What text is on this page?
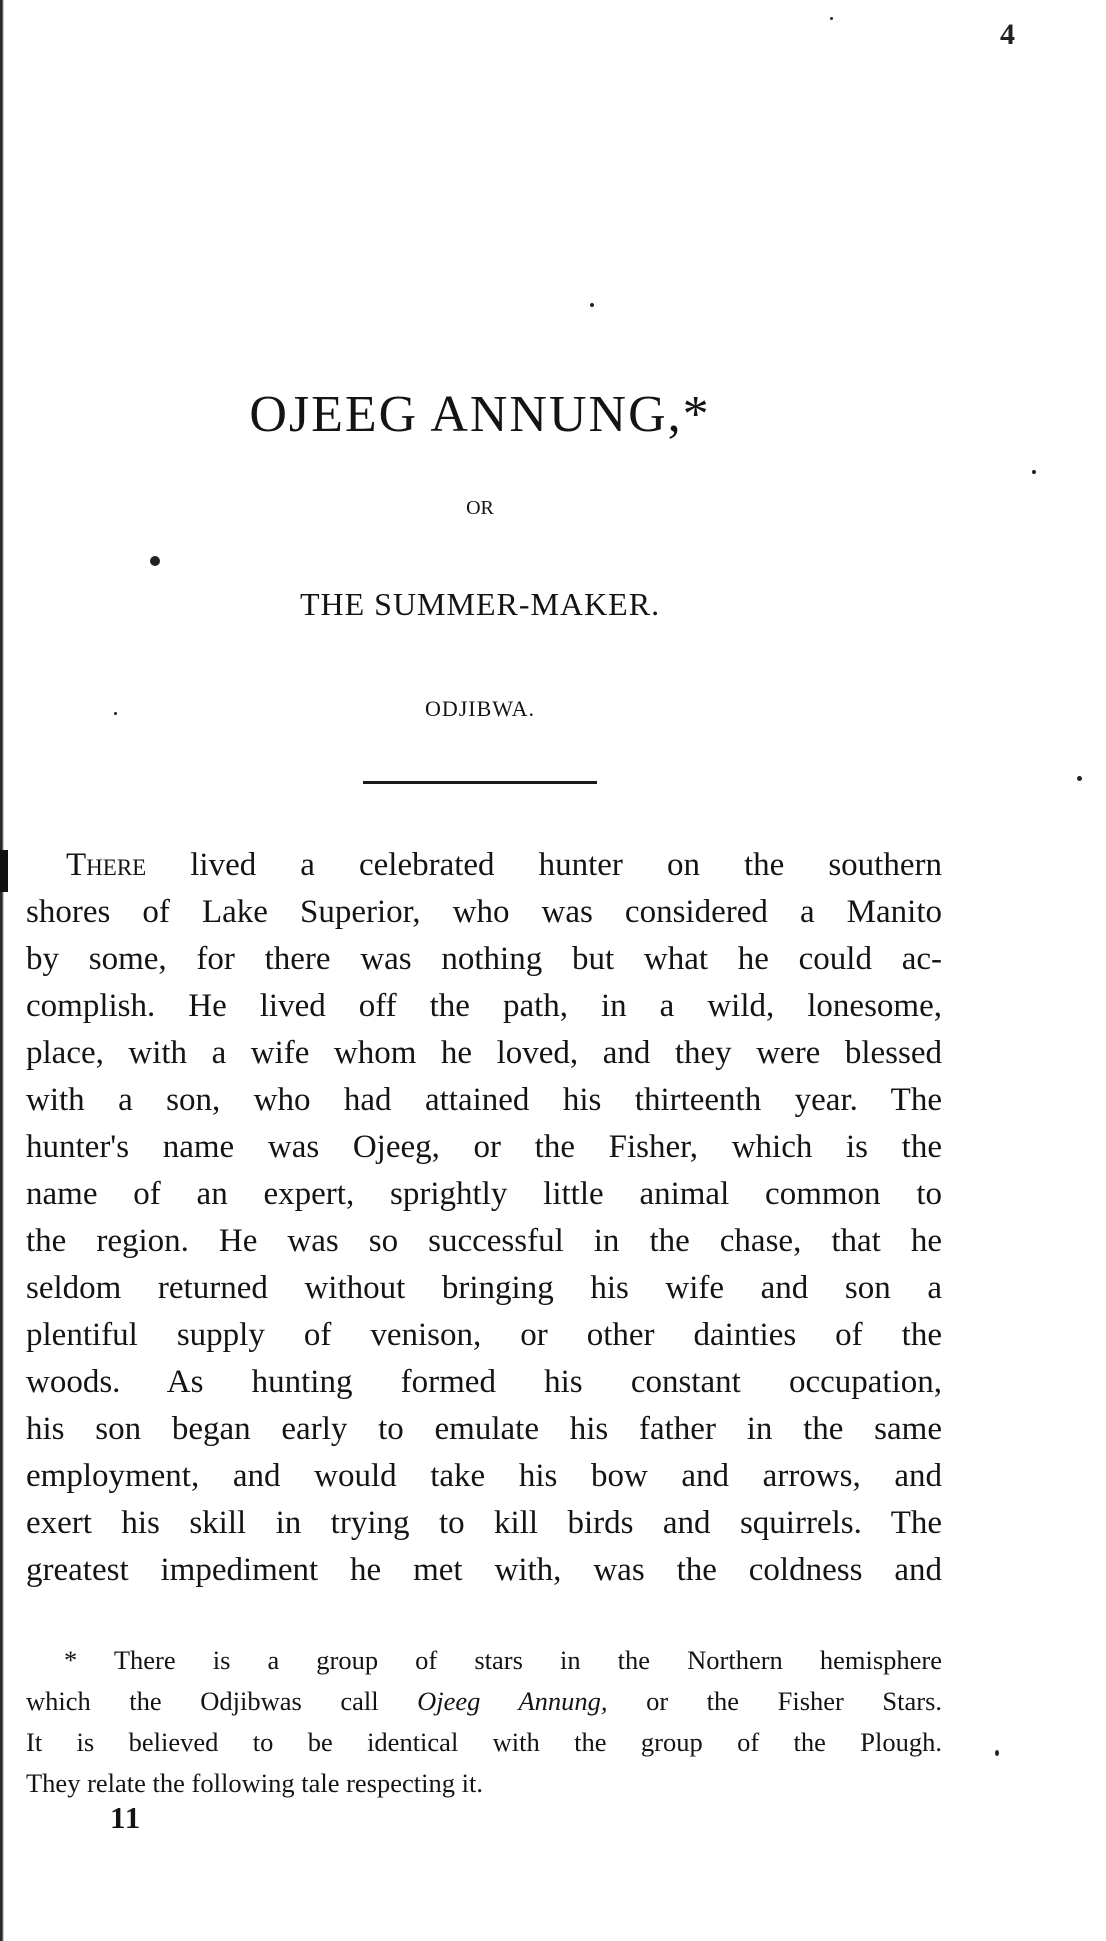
4
OJEEG ANNUNG,*
OR
THE SUMMER-MAKER.
ODJIBWA.
There lived a celebrated hunter on the southern
shores of Lake Superior, who was considered a Manito
by some, for there was nothing but what he could ac-
complish. He lived off the path, in a wild, lonesome,
place, with a wife whom he loved, and they were blessed
with a son, who had attained his thirteenth year. The
hunter's name was Ojeeg, or the Fisher, which is the
name of an expert, sprightly little animal common to
the region. He was so successful in the chase, that he
seldom returned without bringing his wife and son a
plentiful supply of venison, or other dainties of the
woods. As hunting formed his constant occupation,
his son began early to emulate his father in the same
employment, and would take his bow and arrows, and
exert his skill in trying to kill birds and squirrels. The
greatest impediment he met with, was the coldness and
* There is a group of stars in the Northern hemisphere
which the Odjibwas call Ojeeg Annung, or the Fisher Stars.
It is believed to be identical with the group of the Plough.
They relate the following tale respecting it.
11
